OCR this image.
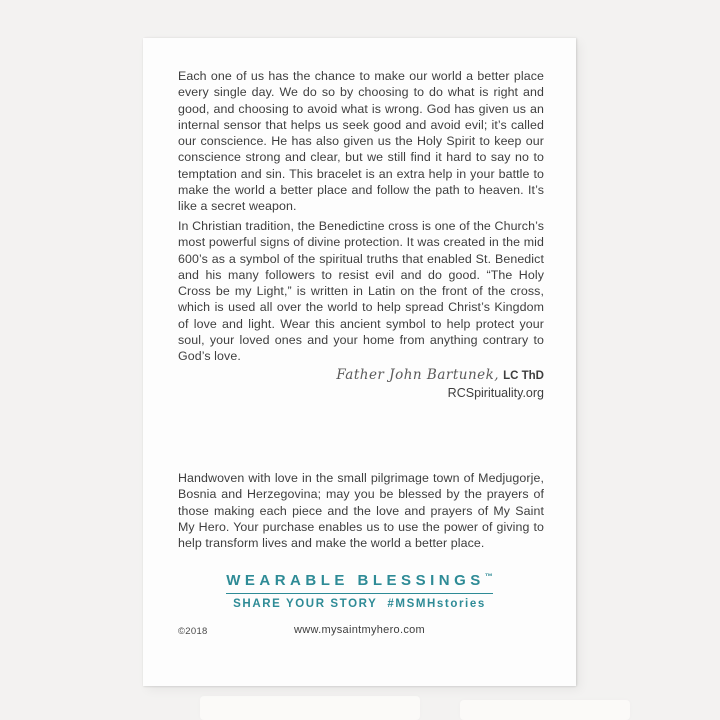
Each one of us has the chance to make our world a better place every single day. We do so by choosing to do what is right and good, and choosing to avoid what is wrong. God has given us an internal sensor that helps us seek good and avoid evil; it’s called our conscience. He has also given us the Holy Spirit to keep our conscience strong and clear, but we still find it hard to say no to temptation and sin. This bracelet is an extra help in your battle to make the world a better place and follow the path to heaven. It’s like a secret weapon.

In Christian tradition, the Benedictine cross is one of the Church’s most powerful signs of divine protection. It was created in the mid 600’s as a symbol of the spiritual truths that enabled St. Benedict and his many followers to resist evil and do good. “The Holy Cross be my Light,” is written in Latin on the front of the cross, which is used all over the world to help spread Christ’s Kingdom of love and light. Wear this ancient symbol to help protect your soul, your loved ones and your home from anything contrary to God’s love.

Father John Bartunek, LC ThD
RCSpirituality.org

Handwoven with love in the small pilgrimage town of Medjugorje, Bosnia and Herzegovina; may you be blessed by the prayers of those making each piece and the love and prayers of My Saint My Hero. Your purchase enables us to use the power of giving to help transform lives and make the world a better place.

WEARABLE BLESSINGS™
SHARE YOUR STORY #MSMHstories
©2018	www.mysaintmyhero.com
